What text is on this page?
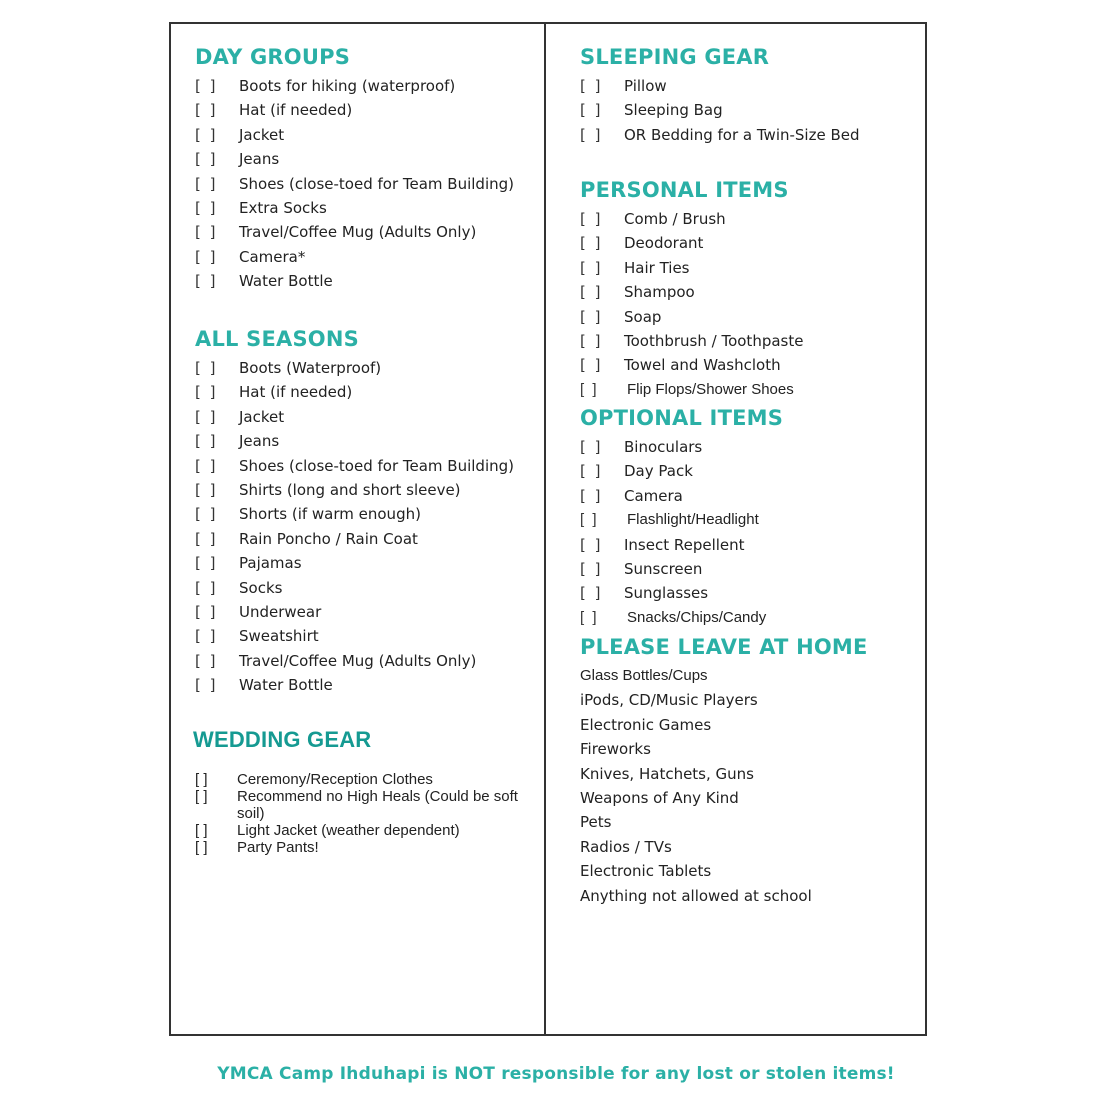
DAY GROUPS
[ ] Boots for hiking (waterproof)
[ ] Hat (if needed)
[ ] Jacket
[ ] Jeans
[ ] Shoes (close-toed for Team Building)
[ ] Extra Socks
[ ] Travel/Coffee Mug (Adults Only)
[ ] Camera*
[ ] Water Bottle
ALL SEASONS
[ ] Boots (Waterproof)
[ ] Hat (if needed)
[ ] Jacket
[ ] Jeans
[ ] Shoes (close-toed for Team Building)
[ ] Shirts (long and short sleeve)
[ ] Shorts (if warm enough)
[ ] Rain Poncho / Rain Coat
[ ] Pajamas
[ ] Socks
[ ] Underwear
[ ] Sweatshirt
[ ] Travel/Coffee Mug (Adults Only)
[ ] Water Bottle
WEDDING GEAR
[ ] Ceremony/Reception Clothes
[ ] Recommend no High Heals (Could be soft soil)
[ ] Light Jacket (weather dependent)
[ ] Party Pants!
SLEEPING GEAR
[ ] Pillow
[ ] Sleeping Bag
[ ] OR Bedding for a Twin-Size Bed
PERSONAL ITEMS
[ ] Comb / Brush
[ ] Deodorant
[ ] Hair Ties
[ ] Shampoo
[ ] Soap
[ ] Toothbrush / Toothpaste
[ ] Towel and Washcloth
[ ] Flip Flops/Shower Shoes
OPTIONAL ITEMS
[ ] Binoculars
[ ] Day Pack
[ ] Camera
[ ] Flashlight/Headlight
[ ] Insect Repellent
[ ] Sunscreen
[ ] Sunglasses
[ ] Snacks/Chips/Candy
PLEASE LEAVE AT HOME
Glass Bottles/Cups
iPods, CD/Music Players
Electronic Games
Fireworks
Knives, Hatchets, Guns
Weapons of Any Kind
Pets
Radios / TVs
Electronic Tablets
Anything not allowed at school
YMCA Camp Ihduhapi is NOT responsible for any lost or stolen items!
